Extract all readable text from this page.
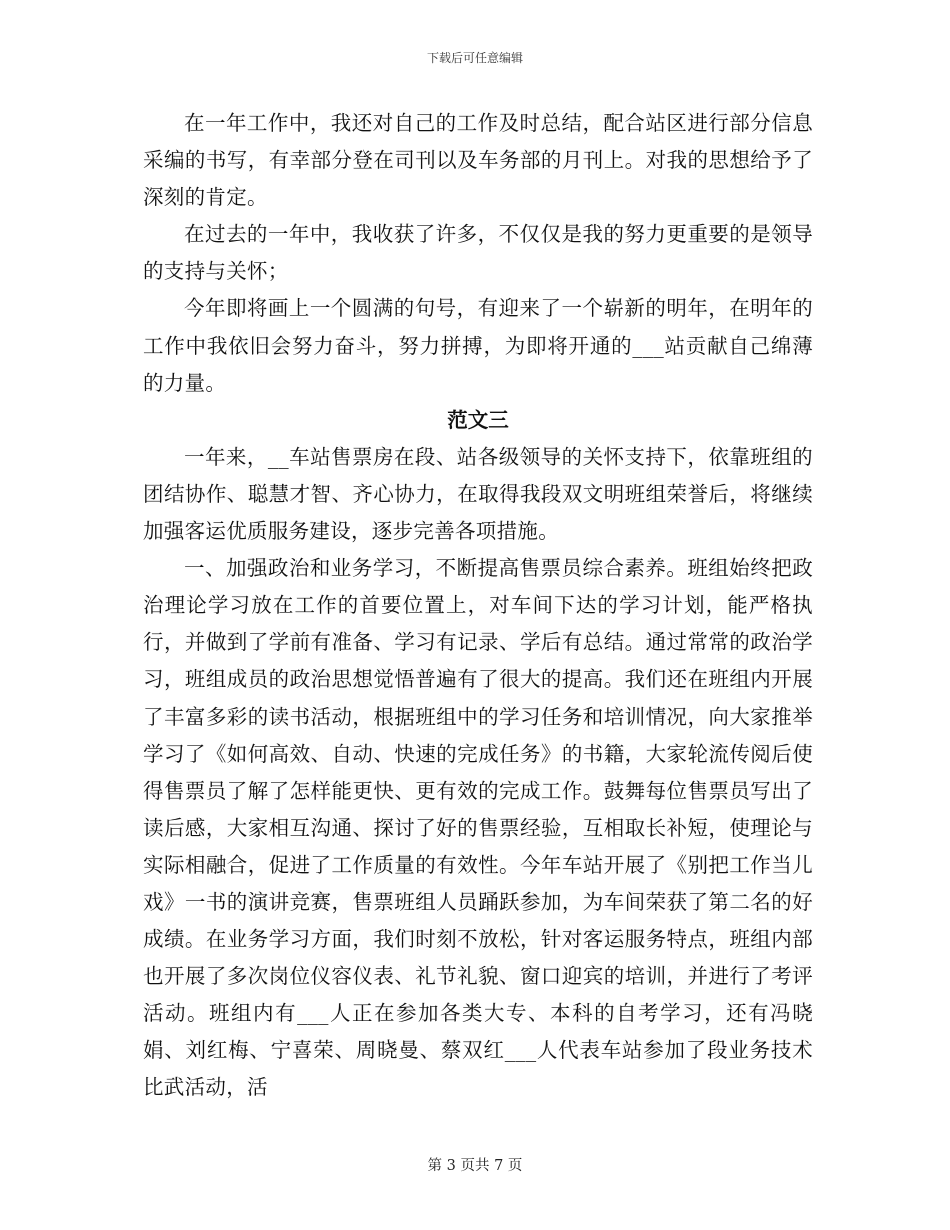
下载后可任意编辑

在一年工作中，我还对自己的工作及时总结，配合站区进行部分信息采编的书写，有幸部分登在司刊以及车务部的月刊上。对我的思想给予了深刻的肯定。

在过去的一年中，我收获了许多，不仅仅是我的努力更重要的是领导的支持与关怀；

今年即将画上一个圆满的句号，有迎来了一个崭新的明年，在明年的工作中我依旧会努力奋斗，努力拼搏，为即将开通的___站贡献自己绵薄的力量。

范文三

一年来，__车站售票房在段、站各级领导的关怀支持下，依靠班组的团结协作、聪慧才智、齐心协力，在取得我段双文明班组荣誉后，将继续加强客运优质服务建设，逐步完善各项措施。

一、加强政治和业务学习，不断提高售票员综合素养。班组始终把政治理论学习放在工作的首要位置上，对车间下达的学习计划，能严格执行，并做到了学前有准备、学习有记录、学后有总结。通过常常的政治学习，班组成员的政治思想觉悟普遍有了很大的提高。我们还在班组内开展了丰富多彩的读书活动，根据班组中的学习任务和培训情况，向大家推举学习了《如何高效、自动、快速的完成任务》的书籍，大家轮流传阅后使得售票员了解了怎样能更快、更有效的完成工作。鼓舞每位售票员写出了读后感，大家相互沟通、探讨了好的售票经验，互相取长补短，使理论与实际相融合，促进了工作质量的有效性。今年车站开展了《别把工作当儿戏》一书的演讲竞赛，售票班组人员踊跃参加，为车间荣获了第二名的好成绩。在业务学习方面，我们时刻不放松，针对客运服务特点，班组内部也开展了多次岗位仪容仪表、礼节礼貌、窗口迎宾的培训，并进行了考评活动。班组内有___人正在参加各类大专、本科的自考学习，还有冯晓娟、刘红梅、宁喜荣、周晓曼、蔡双红___人代表车站参加了段业务技术比武活动，活

第 3 页共 7 页
